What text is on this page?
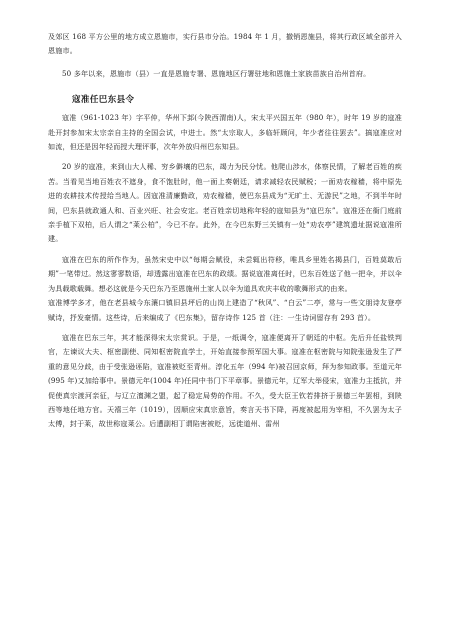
及郊区 168 平方公里的地方成立恩施市，实行县市分治。1984 年 1 月，撤销恩施县，将其行政区域全部并入恩施市。

50 多年以来，恩施市（县）一直是恩施专署、恩施地区行署驻地和恩施土家族苗族自治州首府。

寇准任巴东县令

寇准（961-1023 年）字平仲，华州下邽(今陕西渭南)人，宋太平兴国五年（980 年），时年 19 岁的寇准赴开封参加宋太宗亲自主持的全国会试，中进士。然“太宗取人，多临轩顾问，年少者往往罢去”。搞寇准应对如流，但还是因年轻而授大理评事，次年外放归州巴东知县。

20 岁的寇准，来到山大人稀、穷乡僻壤的巴东，竭力为民分忧。他爬山涉水，体察民情，了解老百姓的疾苦。当看见当地百姓衣不遮身，食不饱肚时，他一面上奏朝廷，请求减轻农民赋税；一面劝农稼穑，将中原先进的农耕技术传授给当地人。因寇准清廉勤政，劝农稼穑，使巴东县成为“无旷土、无游民”之地，不到半年时间，巴东县就政通人和、百业兴旺、社会安定。老百姓亲切地称年轻的寇知县为“寇巴东”。寇准还在衙门庭前亲手植下双柏，后人谓之“莱公柏”，今已不存。此外，在今巴东野三关镇有一处“劝农亭”建筑遗址据说寇准所建。

寇准在巴东的所作作为，虽然宋史中以“每期会赋役，未尝辄出符移，唯具乡里姓名揭县门，百姓莫敢后期”一笔带过。然这寥寥数语，却透露出寇准在巴东的政绩。据说寇准离任时，巴东百姓送了他一把伞，并以伞为具载歌载舞。想必这就是今天巴东乃至恩施州土家人以伞为道具欢庆丰收的歌舞形式的由来。

寇准博学多才，他在老县城今东瀼口镇旧县坪后的山岗上建造了“秋风”、“白云”二亭，常与一些文朋诗友登亭赋诗，抒发豪情。这些诗，后来编成了《巴东集》，留存诗作 125 首（注：一生诗词留存有 293 首）。

寇准在巴东三年，其才能深得宋太宗赏识。于是，一纸调令，寇准便离开了朝廷的中枢。先后升任盐铁判官，左谏议大夫、枢密副使、同知枢密院直学士，开始直接参预军国大事。寇准在枢密院与知院张逊发生了严重的意见分歧，由于受张逊诬陷，寇准被贬至青州。淳化五年（994 年)被召回京师，拜为参知政事。至道元年(995 年)又加给事中。景德元年(1004 年)任同中书门下平章事。景德元年，辽军大举侵宋，寇准力主抵抗，并促使真宗渡河亲征，与辽立澶渊之盟，起了稳定局势的作用。不久，受大臣王钦若排挤于景德三年罢相，到陕西等地任地方官。天禧三年（1019），因顺应宋真宗意旨，奏言天书下降，再度被起用为宰相，不久罢为太子太傅，封于莱，故世称寇莱公。后遭副相丁谓陷害被贬，远徙道州、雷州
